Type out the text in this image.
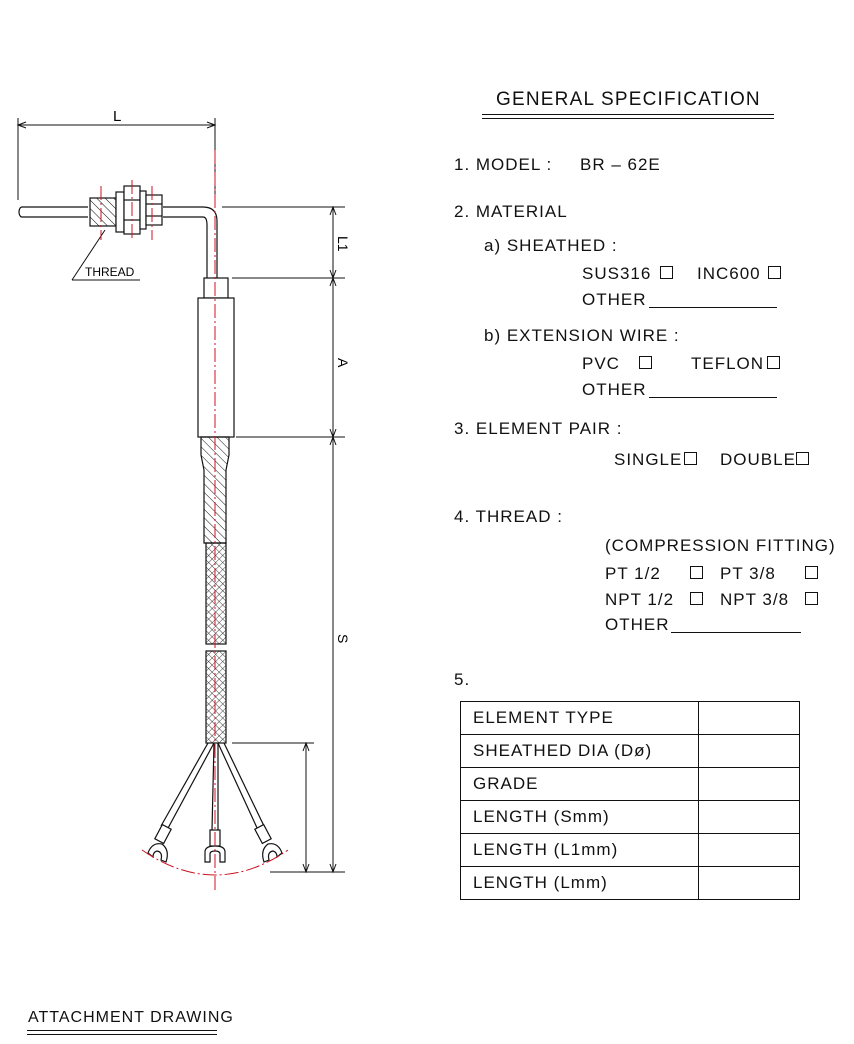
L
THREAD
L1
A
S
GENERAL SPECIFICATION
1. MODEL : BR – 62E
2. MATERIAL
a) SHEATHED :
SUS316	INC600
OTHER
b) EXTENSION WIRE :
PVC	TEFLON
OTHER
3. ELEMENT PAIR :
SINGLE DOUBLE
4. THREAD :
(COMPRESSION FITTING)
PT 1/2	PT 3/8
NPT 1/2	NPT 3/8
OTHER
5.
ELEMENT TYPE	
SHEATHED DIA (Dø)	
GRADE	
LENGTH (Smm)	
LENGTH (L1mm)	
LENGTH (Lmm)	
ATTACHMENT DRAWING
